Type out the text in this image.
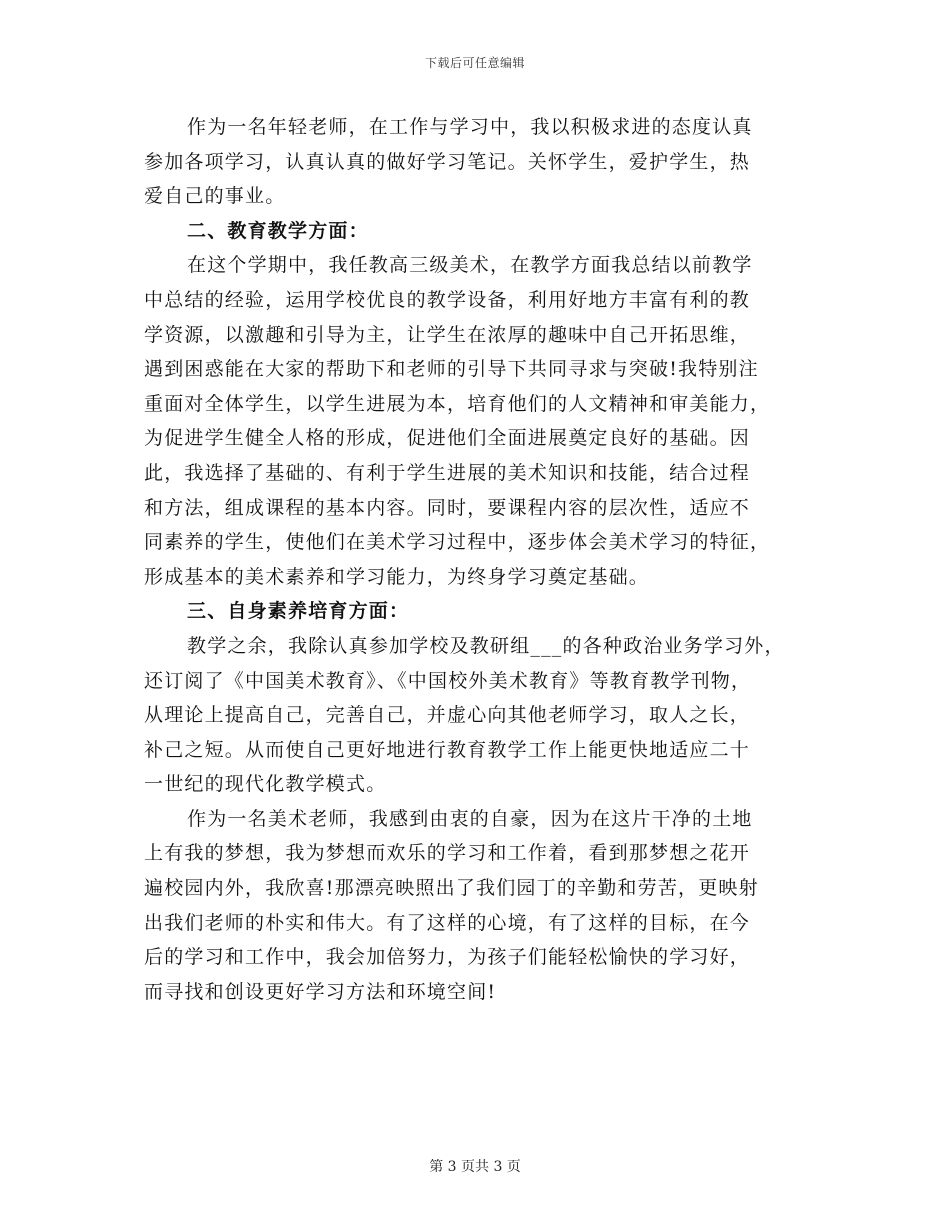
下载后可任意编辑
作为一名年轻老师，在工作与学习中，我以积极求进的态度认真
参加各项学习，认真认真的做好学习笔记。关怀学生，爱护学生，热
爱自己的事业。
二、教育教学方面：
在这个学期中，我任教高三级美术，在教学方面我总结以前教学
中总结的经验，运用学校优良的教学设备，利用好地方丰富有利的教
学资源，以激趣和引导为主，让学生在浓厚的趣味中自己开拓思维，
遇到困惑能在大家的帮助下和老师的引导下共同寻求与突破!我特别注
重面对全体学生，以学生进展为本，培育他们的人文精神和审美能力，
为促进学生健全人格的形成，促进他们全面进展奠定良好的基础。因
此，我选择了基础的、有利于学生进展的美术知识和技能，结合过程
和方法，组成课程的基本内容。同时，要课程内容的层次性，适应不
同素养的学生，使他们在美术学习过程中，逐步体会美术学习的特征，
形成基本的美术素养和学习能力，为终身学习奠定基础。
三、自身素养培育方面：
教学之余，我除认真参加学校及教研组___的各种政治业务学习外，
还订阅了《中国美术教育》、《中国校外美术教育》等教育教学刊物，
从理论上提高自己，完善自己，并虚心向其他老师学习，取人之长，
补己之短。从而使自己更好地进行教育教学工作上能更快地适应二十
一世纪的现代化教学模式。
作为一名美术老师，我感到由衷的自豪，因为在这片干净的土地
上有我的梦想，我为梦想而欢乐的学习和工作着，看到那梦想之花开
遍校园内外，我欣喜!那漂亮映照出了我们园丁的辛勤和劳苦，更映射
出我们老师的朴实和伟大。有了这样的心境，有了这样的目标，在今
后的学习和工作中，我会加倍努力，为孩子们能轻松愉快的学习好，
而寻找和创设更好学习方法和环境空间!
第 3 页共 3 页
